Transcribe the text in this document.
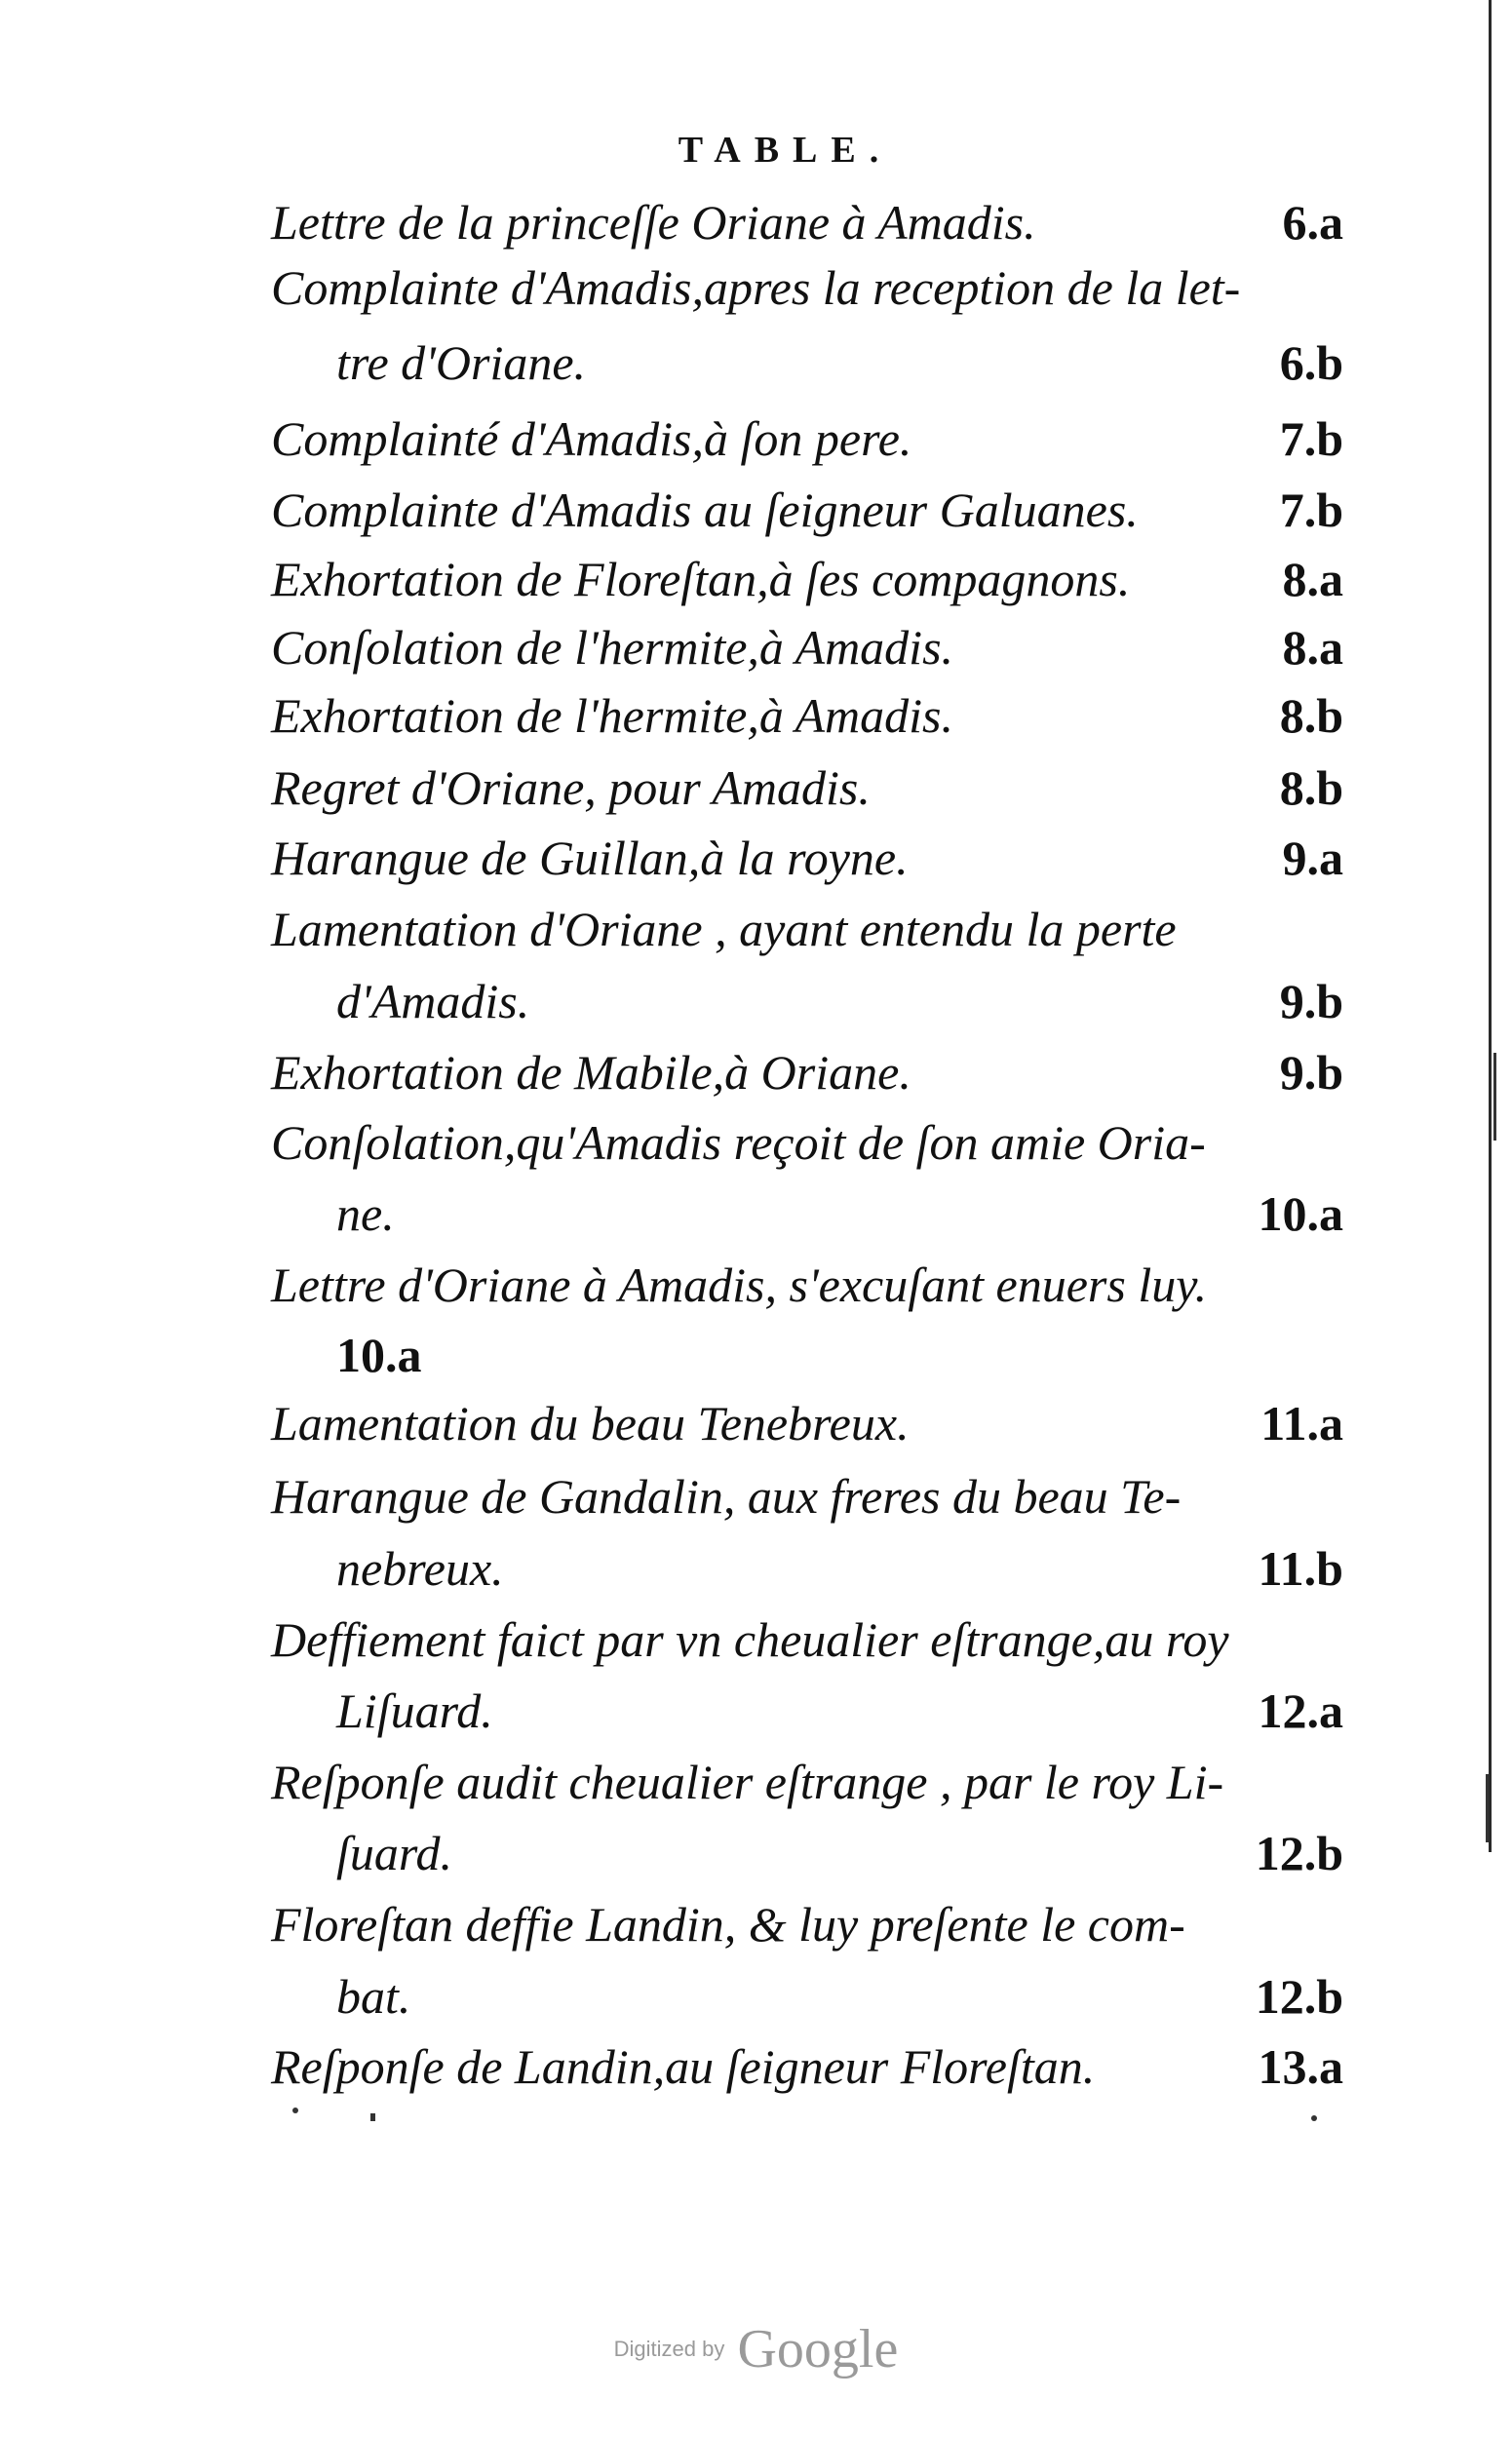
TABLE.
Lettre de la princeſſe Oriane à Amadis.	6.a
Complainte d'Amadis,apres la reception de la let-
tre d'Oriane.	6.b
Complainté d'Amadis,à ſon pere.	7.b
Complainte d'Amadis au ſeigneur Galuanes.	7.b
Exhortation de Floreſtan,à ſes compagnons.	8.a
Conſolation de l'hermite,à Amadis.	8.a
Exhortation de l'hermite,à Amadis.	8.b
Regret d'Oriane, pour Amadis.	8.b
Harangue de Guillan,à la royne.	9.a
Lamentation d'Oriane , ayant entendu la perte
d'Amadis.	9.b
Exhortation de Mabile,à Oriane.	9.b
Conſolation,qu'Amadis reçoit de ſon amie Oria-
ne.	10.a
Lettre d'Oriane à Amadis, s'excuſant enuers luy.
10.a
Lamentation du beau Tenebreux.	11.a
Harangue de Gandalin, aux freres du beau Te-
nebreux.	11.b
Deffiement faict par vn cheualier eſtrange,au roy
Liſuard.	12.a
Reſponſe audit cheualier eſtrange , par le roy Li-
ſuard.	12.b
Floreſtan deffie Landin, & luy preſente le com-
bat.	12.b
Reſponſe de Landin,au ſeigneur Floreſtan.	13.a
Digitized by Google
